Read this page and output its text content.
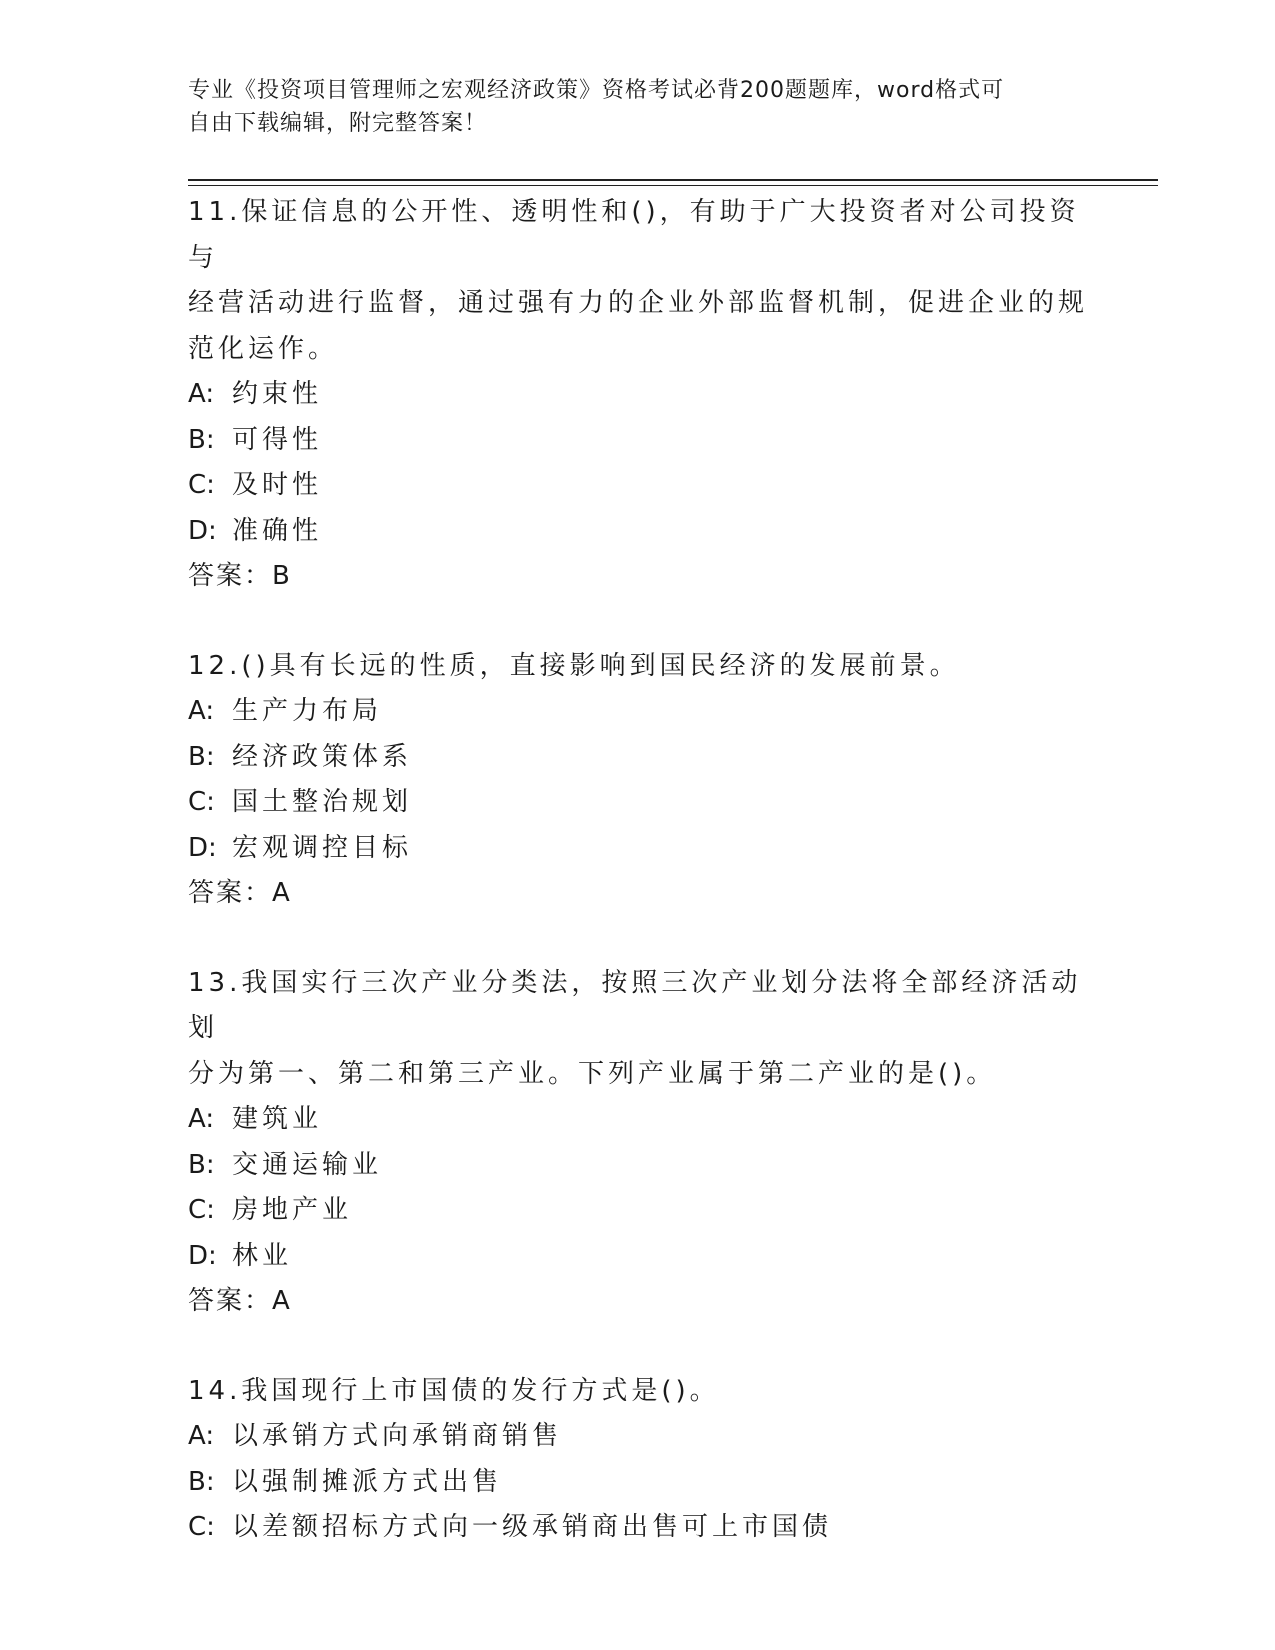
专业《投资项目管理师之宏观经济政策》资格考试必背200题题库，word格式可
自由下载编辑，附完整答案！

11.保证信息的公开性、透明性和()，有助于广大投资者对公司投资与

经营活动进行监督，通过强有力的企业外部监督机制，促进企业的规

范化运作。

A: 约束性

B: 可得性

C: 及时性

D: 准确性

答案：B

12.()具有长远的性质，直接影响到国民经济的发展前景。

A: 生产力布局

B: 经济政策体系

C: 国土整治规划

D: 宏观调控目标

答案：A

13.我国实行三次产业分类法，按照三次产业划分法将全部经济活动划

分为第一、第二和第三产业。下列产业属于第二产业的是()。

A: 建筑业

B: 交通运输业

C: 房地产业

D: 林业

答案：A

14.我国现行上市国债的发行方式是()。

A: 以承销方式向承销商销售

B: 以强制摊派方式出售

C: 以差额招标方式向一级承销商出售可上市国债
